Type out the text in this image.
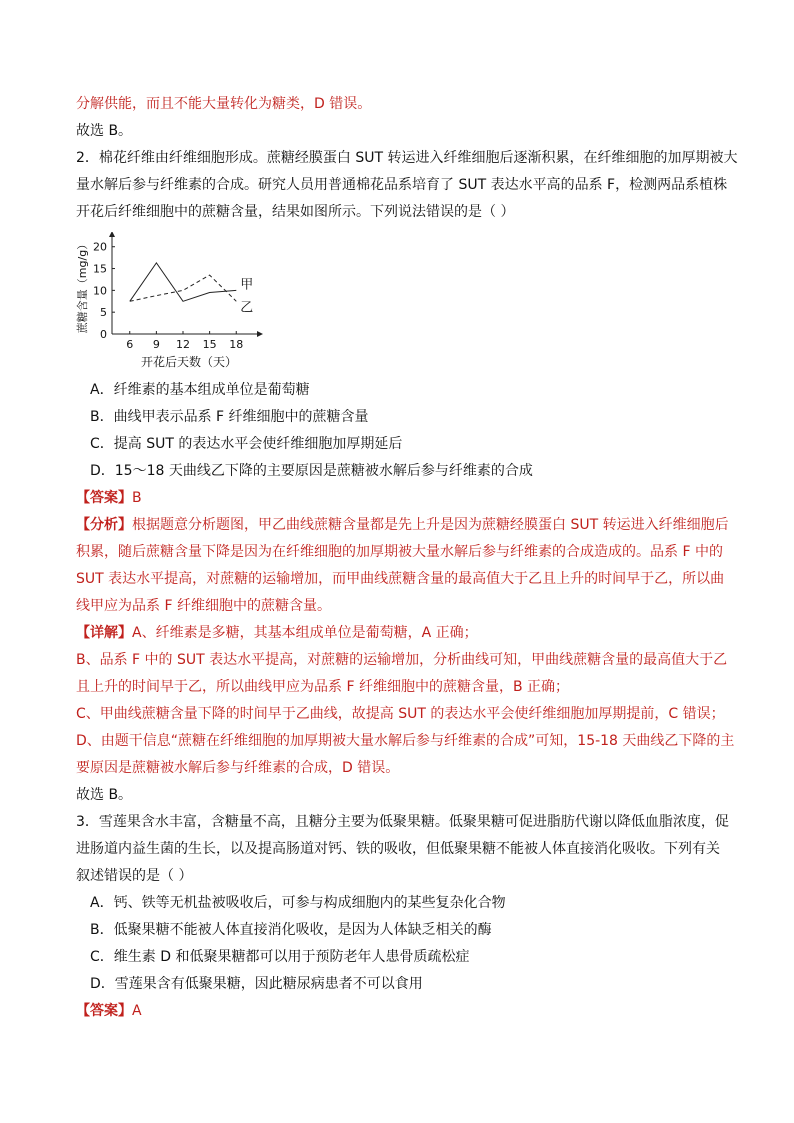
分解供能，而且不能大量转化为糖类，D 错误。
故选 B。
2．棉花纤维由纤维细胞形成。蔗糖经膜蛋白 SUT 转运进入纤维细胞后逐渐积累，在纤维细胞的加厚期被大
量水解后参与纤维素的合成。研究人员用普通棉花品系培育了 SUT 表达水平高的品系 F，检测两品系植株
开花后纤维细胞中的蔗糖含量，结果如图所示。下列说法错误的是（ ）
0
5
10
15
20
6 9 12 15 18
甲
乙
开花后天数（天）
蔗糖含量（mg/g）
A．纤维素的基本组成单位是葡萄糖
B．曲线甲表示品系 F 纤维细胞中的蔗糖含量
C．提高 SUT 的表达水平会使纤维细胞加厚期延后
D．15～18 天曲线乙下降的主要原因是蔗糖被水解后参与纤维素的合成
【答案】B
【分析】根据题意分析题图，甲乙曲线蔗糖含量都是先上升是因为蔗糖经膜蛋白 SUT 转运进入纤维细胞后
积累，随后蔗糖含量下降是因为在纤维细胞的加厚期被大量水解后参与纤维素的合成造成的。品系 F 中的
SUT 表达水平提高，对蔗糖的运输增加，而甲曲线蔗糖含量的最高值大于乙且上升的时间早于乙，所以曲
线甲应为品系 F 纤维细胞中的蔗糖含量。
【详解】A、纤维素是多糖，其基本组成单位是葡萄糖，A 正确；
B、品系 F 中的 SUT 表达水平提高，对蔗糖的运输增加，分析曲线可知，甲曲线蔗糖含量的最高值大于乙
且上升的时间早于乙，所以曲线甲应为品系 F 纤维细胞中的蔗糖含量，B 正确；
C、甲曲线蔗糖含量下降的时间早于乙曲线，故提高 SUT 的表达水平会使纤维细胞加厚期提前，C 错误；
D、由题干信息“蔗糖在纤维细胞的加厚期被大量水解后参与纤维素的合成”可知，15-18 天曲线乙下降的主
要原因是蔗糖被水解后参与纤维素的合成，D 错误。
故选 B。
3．雪莲果含水丰富，含糖量不高，且糖分主要为低聚果糖。低聚果糖可促进脂肪代谢以降低血脂浓度，促
进肠道内益生菌的生长，以及提高肠道对钙、铁的吸收，但低聚果糖不能被人体直接消化吸收。下列有关
叙述错误的是（ ）
A．钙、铁等无机盐被吸收后，可参与构成细胞内的某些复杂化合物
B．低聚果糖不能被人体直接消化吸收，是因为人体缺乏相关的酶
C．维生素 D 和低聚果糖都可以用于预防老年人患骨质疏松症
D．雪莲果含有低聚果糖，因此糖尿病患者不可以食用
【答案】A
